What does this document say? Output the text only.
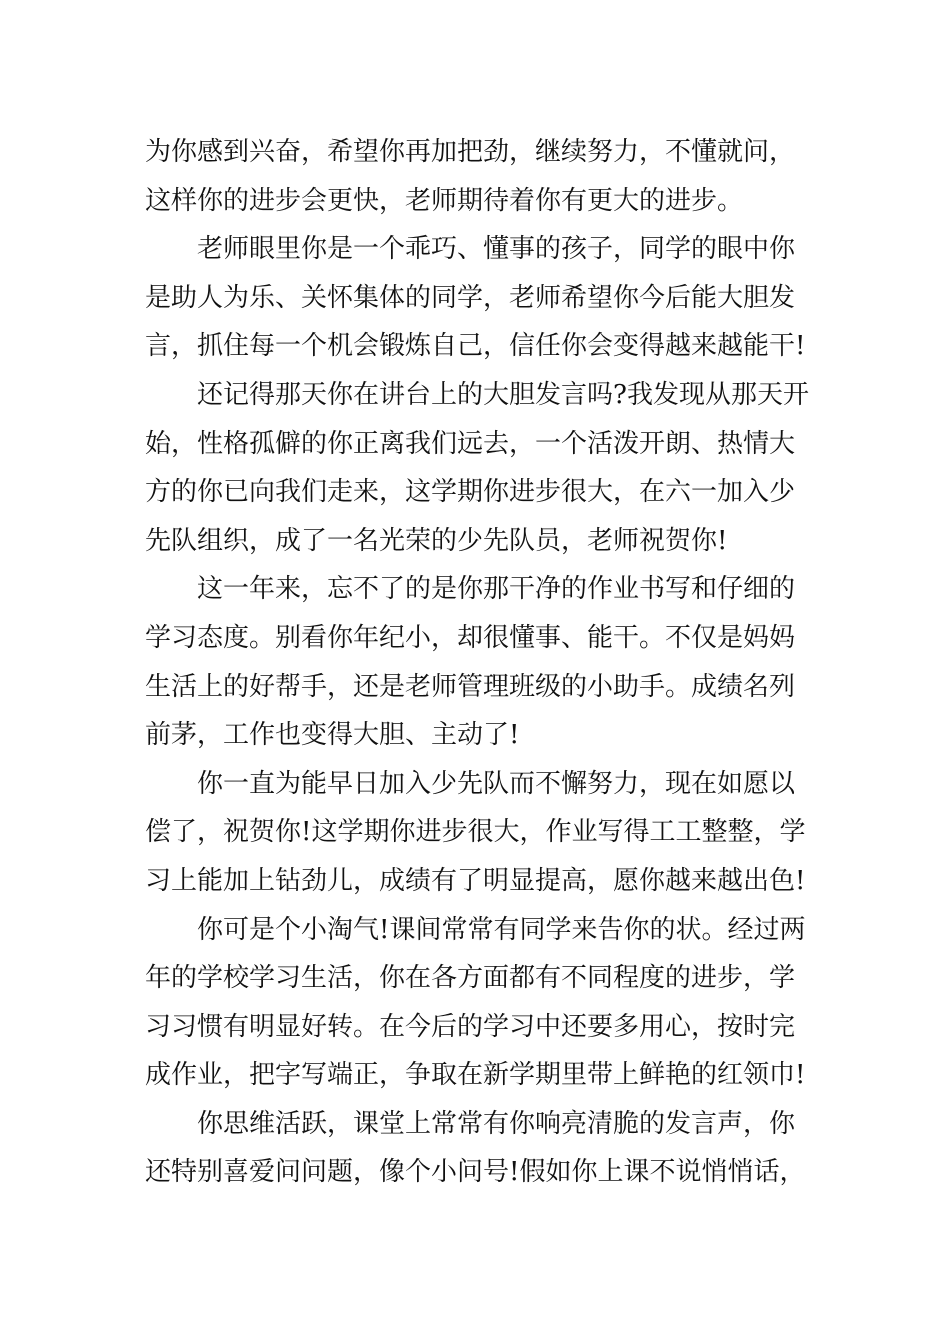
为你感到兴奋，希望你再加把劲，继续努力，不懂就问，
这样你的进步会更快，老师期待着你有更大的进步。
老师眼里你是一个乖巧、懂事的孩子，同学的眼中你
是助人为乐、关怀集体的同学，老师希望你今后能大胆发
言，抓住每一个机会锻炼自己，信任你会变得越来越能干!
还记得那天你在讲台上的大胆发言吗?我发现从那天开
始，性格孤僻的你正离我们远去，一个活泼开朗、热情大
方的你已向我们走来，这学期你进步很大，在六一加入少
先队组织，成了一名光荣的少先队员，老师祝贺你!
这一年来，忘不了的是你那干净的作业书写和仔细的
学习态度。别看你年纪小，却很懂事、能干。不仅是妈妈
生活上的好帮手，还是老师管理班级的小助手。成绩名列
前茅，工作也变得大胆、主动了!
你一直为能早日加入少先队而不懈努力，现在如愿以
偿了，祝贺你!这学期你进步很大，作业写得工工整整，学
习上能加上钻劲儿，成绩有了明显提高，愿你越来越出色!
你可是个小淘气!课间常常有同学来告你的状。经过两
年的学校学习生活，你在各方面都有不同程度的进步，学
习习惯有明显好转。在今后的学习中还要多用心，按时完
成作业，把字写端正，争取在新学期里带上鲜艳的红领巾!
你思维活跃，课堂上常常有你响亮清脆的发言声，你
还特别喜爱问问题，像个小问号!假如你上课不说悄悄话，
